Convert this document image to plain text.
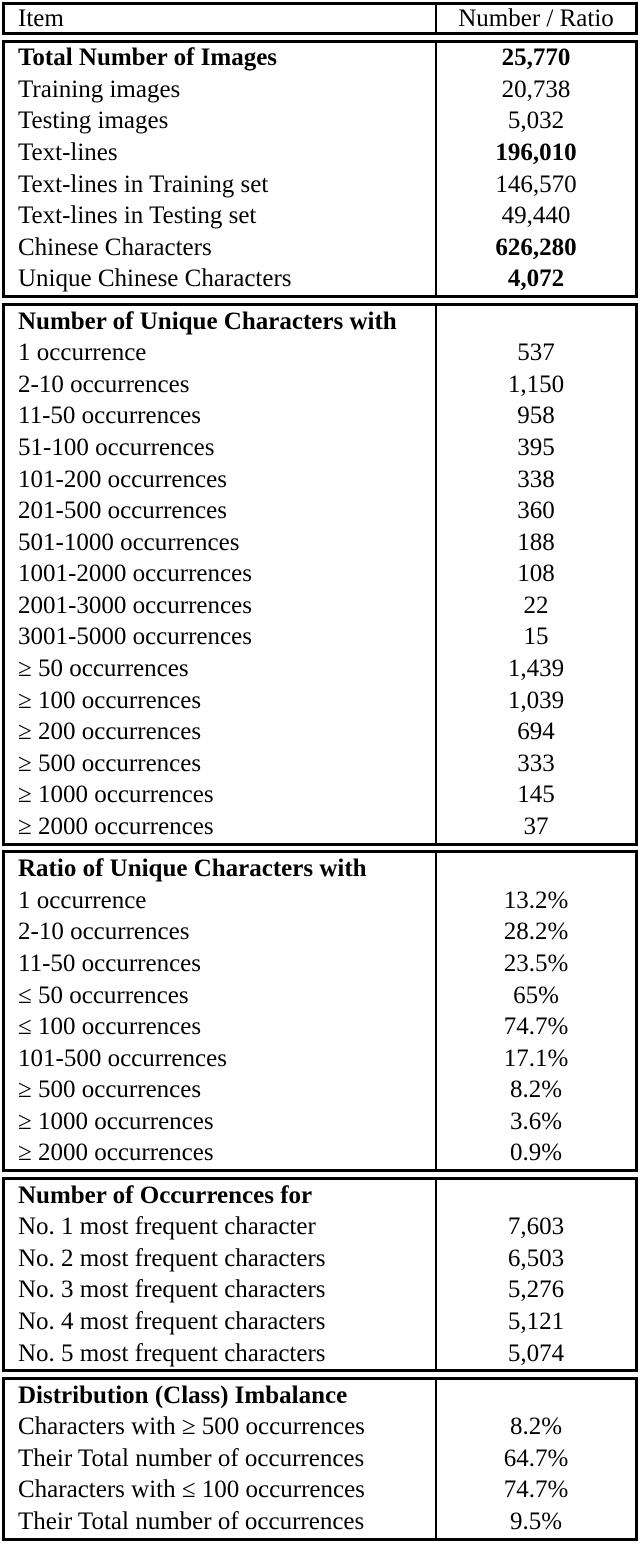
Item	Number / Ratio
Total Number of Images	25,770
Training images	20,738
Testing images	5,032
Text-lines	196,010
Text-lines in Training set	146,570
Text-lines in Testing set	49,440
Chinese Characters	626,280
Unique Chinese Characters	4,072
Number of Unique Characters with
1 occurrence	537
2-10 occurrences	1,150
11-50 occurrences	958
51-100 occurrences	395
101-200 occurrences	338
201-500 occurrences	360
501-1000 occurrences	188
1001-2000 occurrences	108
2001-3000 occurrences	22
3001-5000 occurrences	15
≥ 50 occurrences	1,439
≥ 100 occurrences	1,039
≥ 200 occurrences	694
≥ 500 occurrences	333
≥ 1000 occurrences	145
≥ 2000 occurrences	37
Ratio of Unique Characters with
1 occurrence	13.2%
2-10 occurrences	28.2%
11-50 occurrences	23.5%
≤ 50 occurrences	65%
≤ 100 occurrences	74.7%
101-500 occurrences	17.1%
≥ 500 occurrences	8.2%
≥ 1000 occurrences	3.6%
≥ 2000 occurrences	0.9%
Number of Occurrences for
No. 1 most frequent character	7,603
No. 2 most frequent characters	6,503
No. 3 most frequent characters	5,276
No. 4 most frequent characters	5,121
No. 5 most frequent characters	5,074
Distribution (Class) Imbalance
Characters with ≥ 500 occurrences	8.2%
Their Total number of occurrences	64.7%
Characters with ≤ 100 occurrences	74.7%
Their Total number of occurrences	9.5%
